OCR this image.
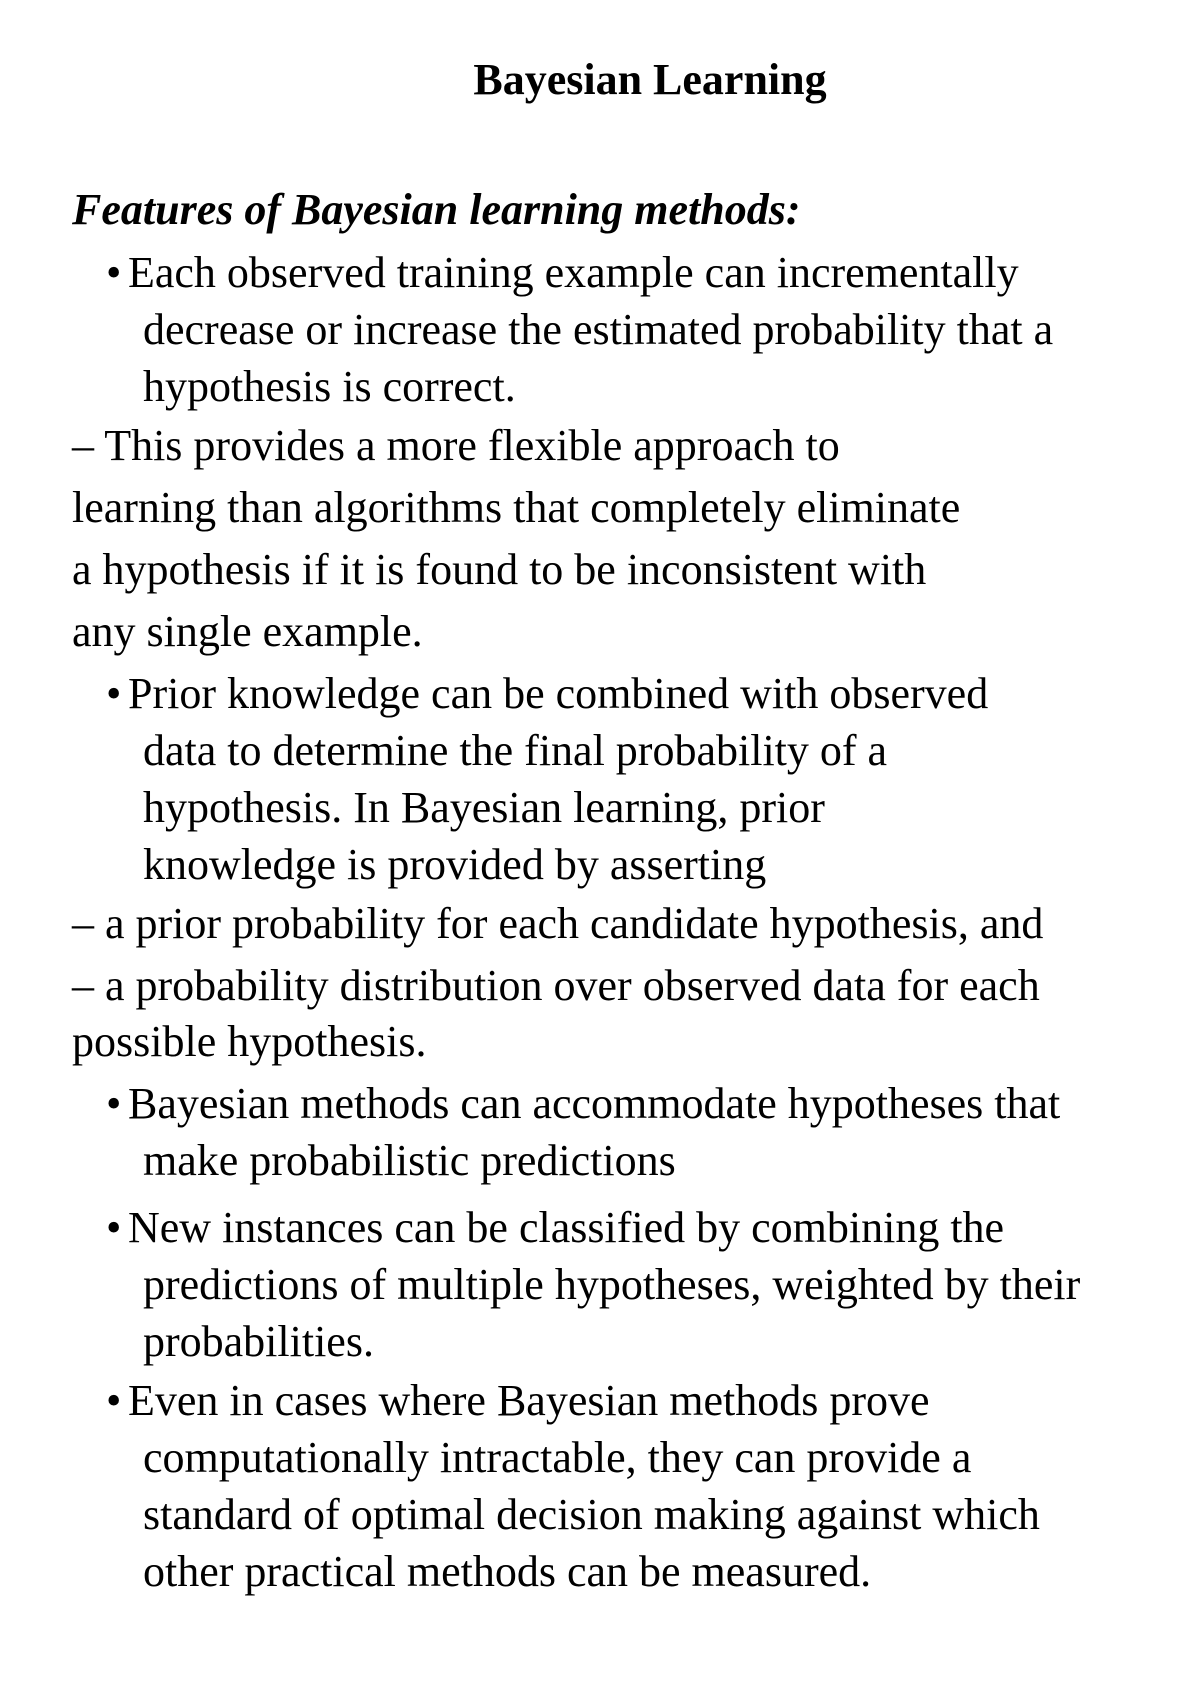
Bayesian Learning
Features of Bayesian learning methods:
• Each observed training example can incrementally
decrease or increase the estimated probability that a
hypothesis is correct.
– This provides a more flexible approach to
learning than algorithms that completely eliminate
a hypothesis if it is found to be inconsistent with
any single example.
• Prior knowledge can be combined with observed
data to determine the final probability of a
hypothesis. In Bayesian learning, prior
knowledge is provided by asserting
– a prior probability for each candidate hypothesis, and
– a probability distribution over observed data for each
possible hypothesis.
• Bayesian methods can accommodate hypotheses that
make probabilistic predictions
• New instances can be classified by combining the
predictions of multiple hypotheses, weighted by their
probabilities.
• Even in cases where Bayesian methods prove
computationally intractable, they can provide a
standard of optimal decision making against which
other practical methods can be measured.
